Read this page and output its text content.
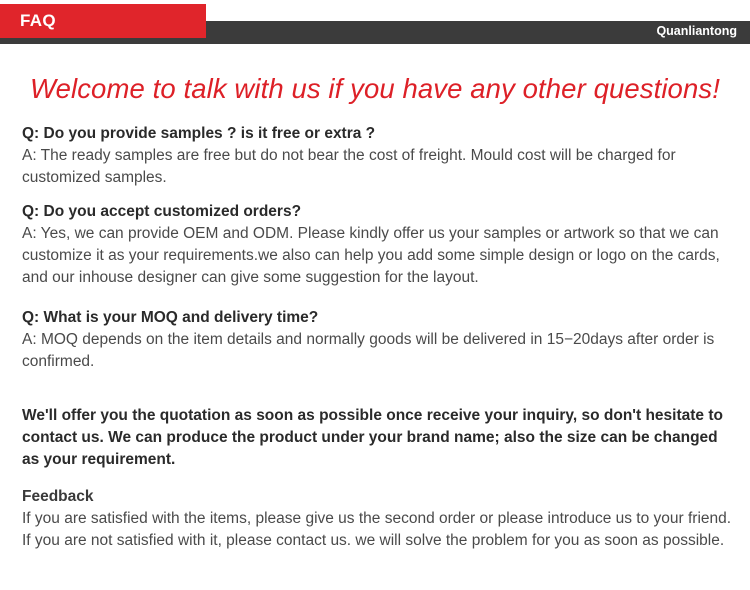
FAQ
Quanliantong
Welcome to talk with us if you have any other questions!
Q: Do you provide samples ? is it free or extra ?
A: The ready samples are free but do not bear the cost of freight. Mould cost will be charged for customized samples.
Q: Do you accept customized orders?
A: Yes, we can provide OEM and ODM. Please kindly offer us your samples or artwork so that we can customize it as your requirements.we also can help you add some simple design or logo on the cards, and our inhouse designer can give some suggestion for the layout.
Q: What is your MOQ and delivery time?
A: MOQ depends on the item details and normally goods will be delivered in 15−20days after order is confirmed.
We'll offer you the quotation as soon as possible once receive your inquiry, so don't hesitate to contact us. We can produce the product under your brand name; also the size can be changed as your requirement.
Feedback
If you are satisfied with the items, please give us the second order or please introduce us to your friend. If you are not satisfied with it, please contact us. we will solve the problem for you as soon as possible.
